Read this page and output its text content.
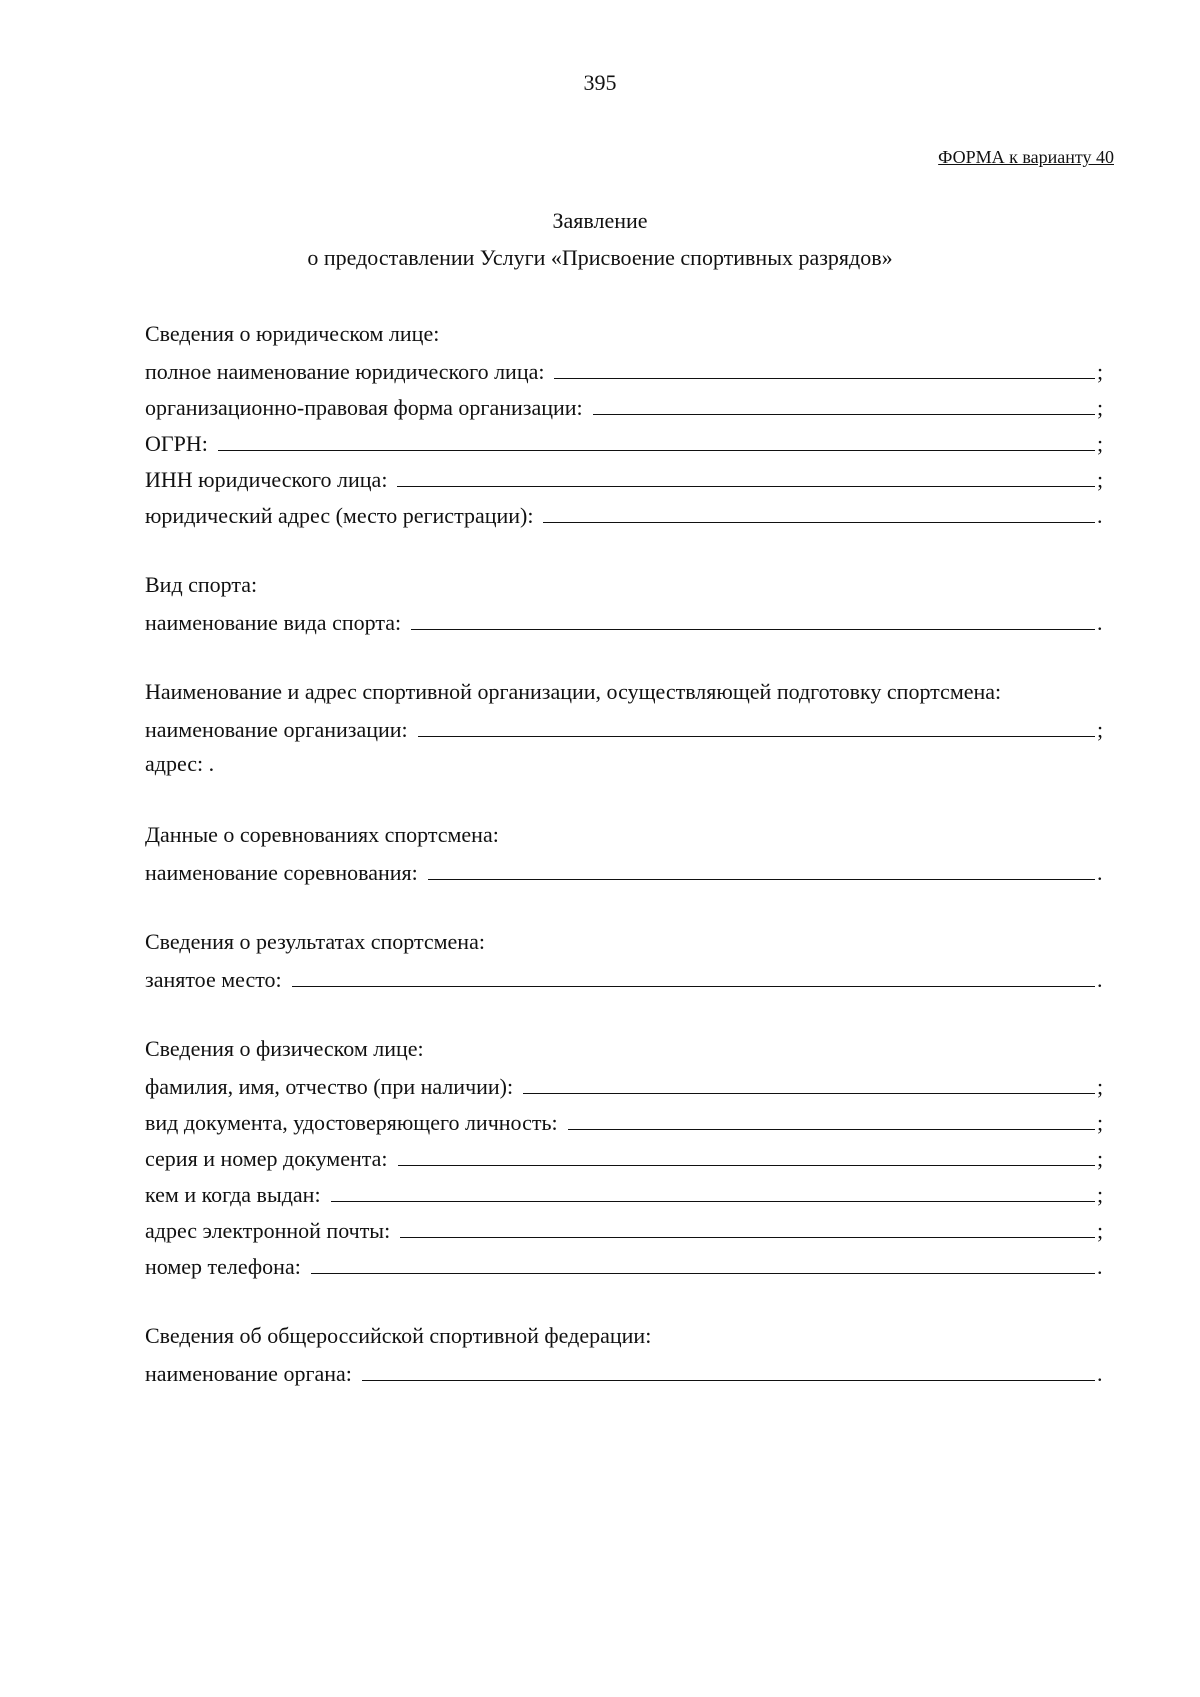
395
ФОРМА к варианту 40
Заявление
о предоставлении Услуги «Присвоение спортивных разрядов»
Сведения о юридическом лице:
полное наименование юридического лица:	;
организационно-правовая форма организации:	;
ОГРН:	;
ИНН юридического лица:	;
юридический адрес (место регистрации):	.
Вид спорта:
наименование вида спорта:	.
Наименование и адрес спортивной организации, осуществляющей подготовку спортсмена:
наименование организации:	;
адрес: .
Данные о соревнованиях спортсмена:
наименование соревнования:	.
Сведения о результатах спортсмена:
занятое место:	.
Сведения о физическом лице:
фамилия, имя, отчество (при наличии):	;
вид документа, удостоверяющего личность:	;
серия и номер документа:	;
кем и когда выдан:	;
адрес электронной почты:	;
номер телефона:	.
Сведения об общероссийской спортивной федерации:
наименование органа:	.
